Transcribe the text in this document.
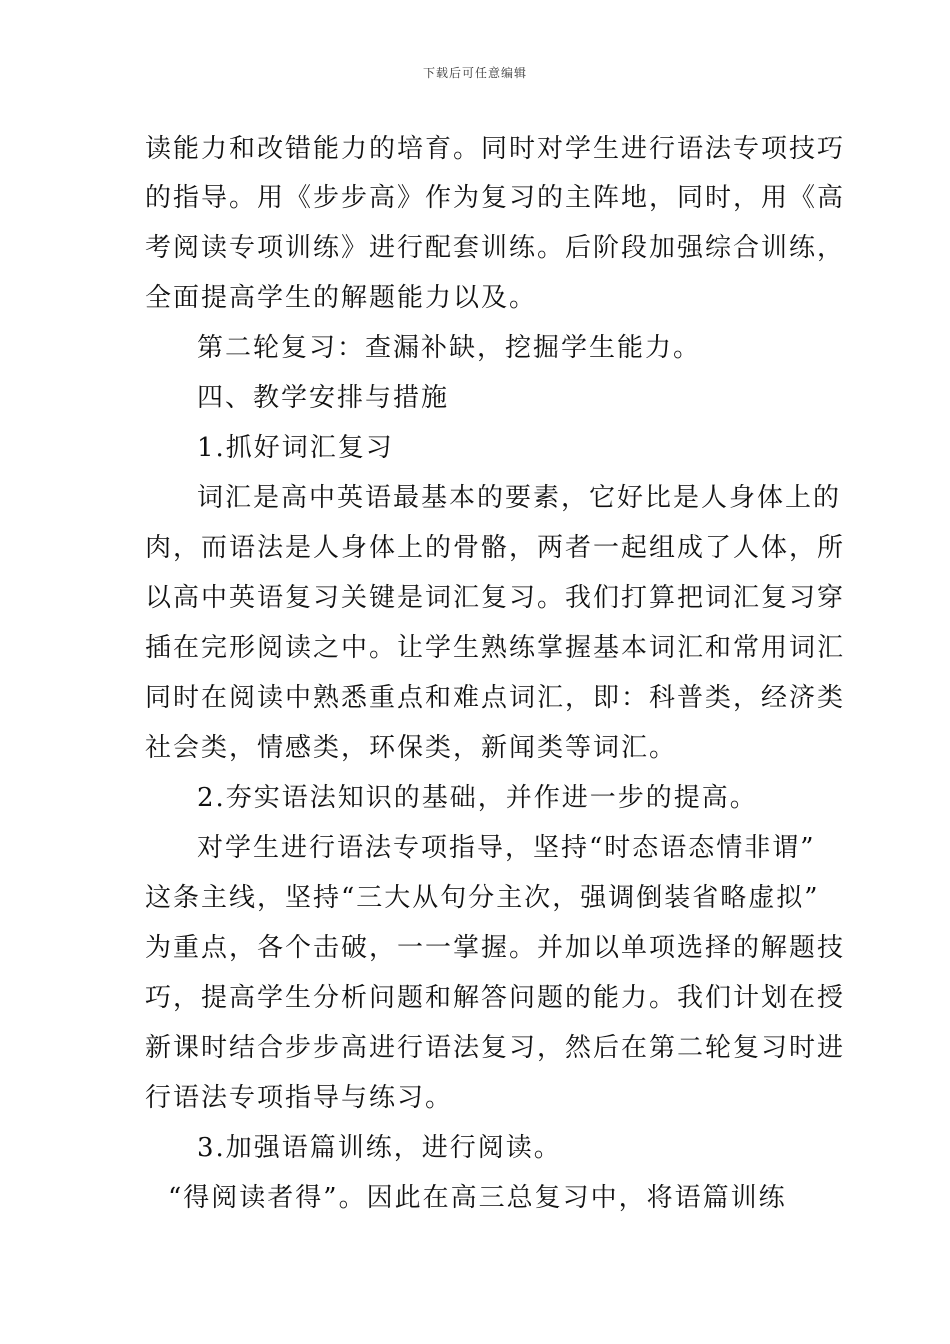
下载后可任意编辑
读能力和改错能力的培育。同时对学生进行语法专项技巧
的指导。用《步步高》作为复习的主阵地，同时，用《高
考阅读专项训练》进行配套训练。后阶段加强综合训练，
全面提高学生的解题能力以及。
第二轮复习：查漏补缺，挖掘学生能力。
四、教学安排与措施
1.抓好词汇复习
词汇是高中英语最基本的要素，它好比是人身体上的
肉，而语法是人身体上的骨骼，两者一起组成了人体，所
以高中英语复习关键是词汇复习。我们打算把词汇复习穿
插在完形阅读之中。让学生熟练掌握基本词汇和常用词汇
同时在阅读中熟悉重点和难点词汇，即：科普类，经济类
社会类，情感类，环保类，新闻类等词汇。
2.夯实语法知识的基础，并作进一步的提高。
对学生进行语法专项指导，坚持“时态语态情非谓”
这条主线，坚持“三大从句分主次，强调倒装省略虚拟”
为重点，各个击破，一一掌握。并加以单项选择的解题技
巧，提高学生分析问题和解答问题的能力。我们计划在授
新课时结合步步高进行语法复习，然后在第二轮复习时进
行语法专项指导与练习。
3.加强语篇训练，进行阅读。
“得阅读者得”。因此在高三总复习中，将语篇训练
